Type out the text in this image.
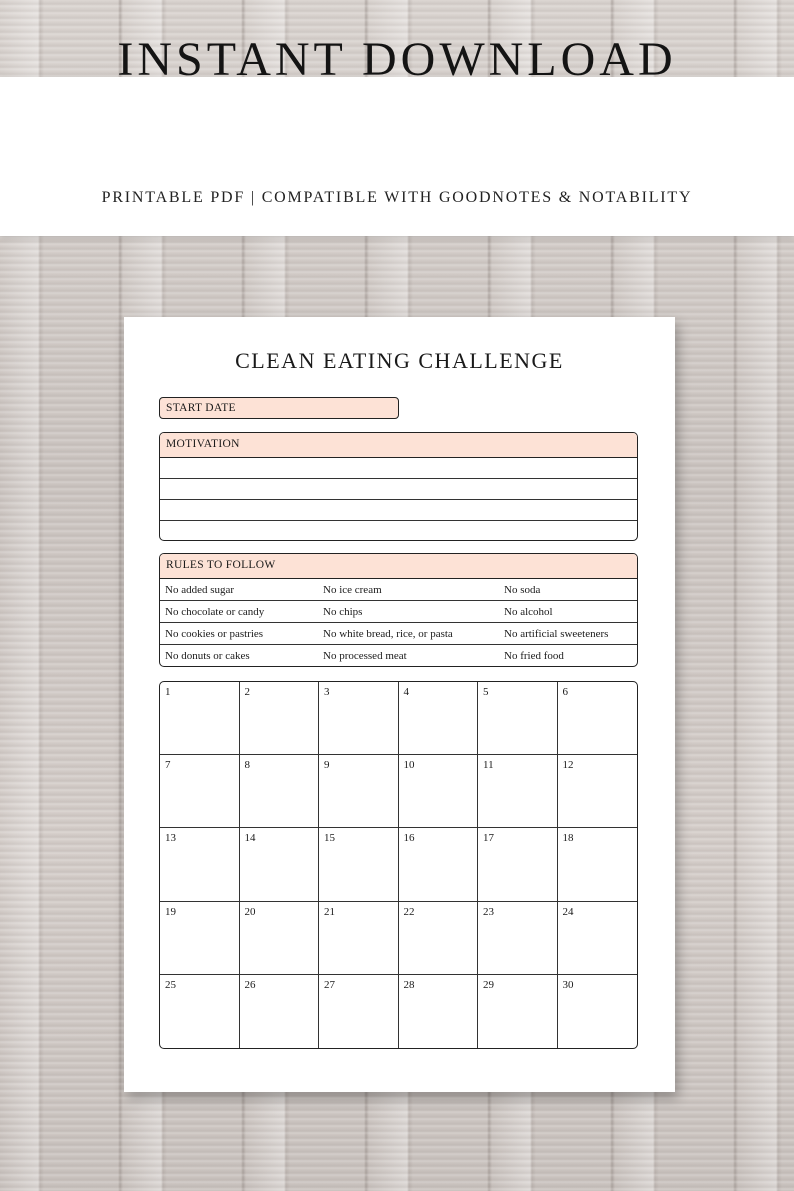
INSTANT DOWNLOAD
PRINTABLE PDF | COMPATIBLE WITH GOODNOTES & NOTABILITY
CLEAN EATING CHALLENGE
START DATE
MOTIVATION
RULES TO FOLLOW
No added sugar	No ice cream	No soda
No chocolate or candy	No chips	No alcohol
No cookies or pastries	No white bread, rice, or pasta	No artificial sweeteners
No donuts or cakes	No processed meat	No fried food
1	2	3	4	5	6
7	8	9	10	11	12
13	14	15	16	17	18
19	20	21	22	23	24
25	26	27	28	29	30
